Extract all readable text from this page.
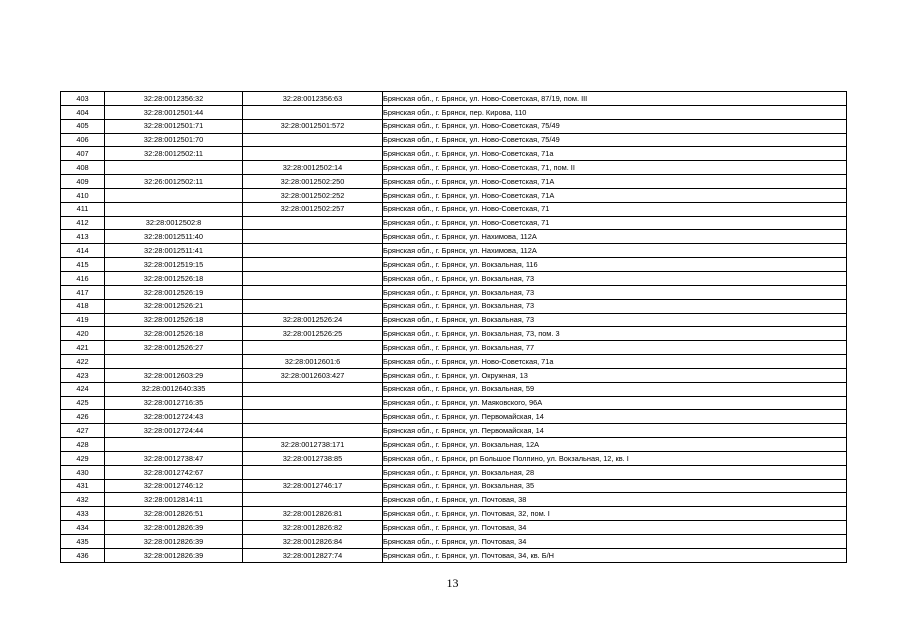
403	32:28:0012356:32	32:28:0012356:63	Брянская обл., г. Брянск, ул. Ново-Советская, 87/19, пом. III
404	32:28:0012501:44		Брянская обл., г. Брянск, пер. Кирова, 110
405	32:28:0012501:71	32:28:0012501:572	Брянская обл., г. Брянск, ул. Ново-Советская, 75/49
406	32:28:0012501:70		Брянская обл., г. Брянск, ул. Ново-Советская, 75/49
407	32:28:0012502:11		Брянская обл., г. Брянск, ул. Ново-Советская, 71а
408		32:28:0012502:14	Брянская обл., г. Брянск, ул. Ново-Советская, 71, пом. II
409	32:26:0012502:11	32:28:0012502:250	Брянская обл., г. Брянск, ул. Ново-Советская, 71А
410		32:28:0012502:252	Брянская обл., г. Брянск, ул. Ново-Советская, 71А
411		32:28:0012502:257	Брянская обл., г. Брянск, ул. Ново-Советская, 71
412	32:28:0012502:8		Брянская обл., г. Брянск, ул. Ново-Советская, 71
413	32:28:0012511:40		Брянская обл., г. Брянск, ул. Нахимова, 112А
414	32:28:0012511:41		Брянская обл., г. Брянск, ул. Нахимова, 112А
415	32:28:0012519:15		Брянская обл., г. Брянск, ул. Вокзальная, 116
416	32:28:0012526:18		Брянская обл., г. Брянск, ул. Вокзальная, 73
417	32:28:0012526:19		Брянская обл., г. Брянск, ул. Вокзальная, 73
418	32:28:0012526:21		Брянская обл., г. Брянск, ул. Вокзальная, 73
419	32:28:0012526:18	32:28:0012526:24	Брянская обл., г. Брянск, ул. Вокзальная, 73
420	32:28:0012526:18	32:28:0012526:25	Брянская обл., г. Брянск, ул. Вокзальная, 73, пом. 3
421	32:28:0012526:27		Брянская обл., г. Брянск, ул. Вокзальная, 77
422		32:28:0012601:6	Брянская обл., г. Брянск, ул. Ново-Советская, 71а
423	32:28:0012603:29	32:28:0012603:427	Брянская обл., г. Брянск, ул. Окружная, 13
424	32:28:0012640:335		Брянская обл., г. Брянск, ул. Вокзальная, 59
425	32:28:0012716:35		Брянская обл., г. Брянск, ул. Маяковского, 96А
426	32:28:0012724:43		Брянская обл., г. Брянск, ул. Первомайская, 14
427	32:28:0012724:44		Брянская обл., г. Брянск, ул. Первомайская, 14
428		32:28:0012738:171	Брянская обл., г. Брянск, ул. Вокзальная, 12А
429	32:28:0012738:47	32:28:0012738:85	Брянская обл., г. Брянск, рп Большое Полпино, ул. Вокзальная, 12, кв. I
430	32:28:0012742:67		Брянская обл., г. Брянск, ул. Вокзальная, 28
431	32:28:0012746:12	32:28:0012746:17	Брянская обл., г. Брянск, ул. Вокзальная, 35
432	32:28:0012814:11		Брянская обл., г. Брянск, ул. Почтовая, 38
433	32:28:0012826:51	32:28:0012826:81	Брянская обл., г. Брянск, ул. Почтовая, 32, пом. I
434	32:28:0012826:39	32:28:0012826:82	Брянская обл., г. Брянск, ул. Почтовая, 34
435	32:28:0012826:39	32:28:0012826:84	Брянская обл., г. Брянск, ул. Почтовая, 34
436	32:28:0012826:39	32:28:0012827:74	Брянская обл., г. Брянск, ул. Почтовая, 34, кв. Б/Н
13
